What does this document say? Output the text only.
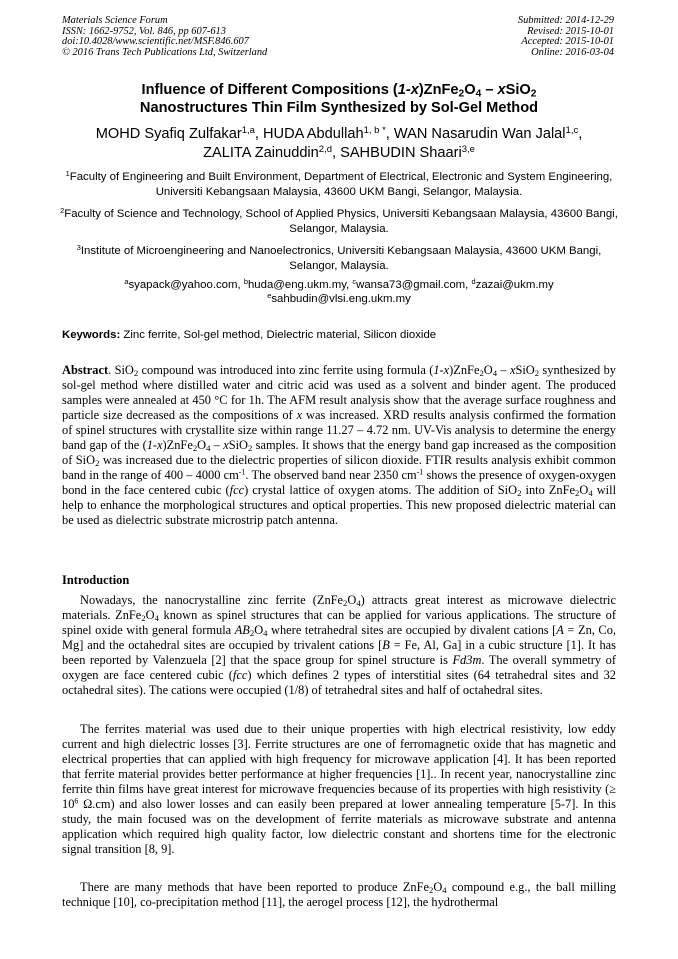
Materials Science Forum
ISSN: 1662-9752, Vol. 846, pp 607-613
doi:10.4028/www.scientific.net/MSF.846.607
© 2016 Trans Tech Publications Ltd, Switzerland
Submitted: 2014-12-29
Revised: 2015-10-01
Accepted: 2015-10-01
Online: 2016-03-04
Influence of Different Compositions $(1-x)ZnFe_2O_4$ – xSiO$_2$
Nanostructures Thin Film Synthesized by Sol-Gel Method
MOHD Syafiq Zulfakar$^{1,a}$, HUDA Abdullah$^{1, b *}$, WAN Nasarudin Wan Jalal$^{1,c}$,
ZALITA Zainuddin$^{2,d}$, SAHBUDIN Shaari$^{3,e}$
$^1$Faculty of Engineering and Built Environment, Department of Electrical, Electronic and System Engineering, Universiti Kebangsaan Malaysia, 43600 UKM Bangi, Selangor, Malaysia.
$^2$Faculty of Science and Technology, School of Applied Physics, Universiti Kebangsaan Malaysia, 43600 Bangi, Selangor, Malaysia.
$^3$Institute of Microengineering and Nanoelectronics, Universiti Kebangsaan Malaysia, 43600 UKM Bangi, Selangor, Malaysia.
$^a$syapack@yahoo.com, $^b$huda@eng.ukm.my, $^c$wansa73@gmail.com, $^d$zazai@ukm.my
$^e$sahbudin@vlsi.eng.ukm.my
Keywords: Zinc ferrite, Sol-gel method, Dielectric material, Silicon dioxide
Abstract. SiO$_2$ compound was introduced into zinc ferrite using formula $(1-x)ZnFe_2O_4$ – xSiO$_2$ synthesized by sol-gel method where distilled water and citric acid was used as a solvent and binder agent. The produced samples were annealed at 450 °C for 1h. The AFM result analysis show that the average surface roughness and particle size decreased as the compositions of x was increased. XRD results analysis confirmed the formation of spinel structures with crystallite size within range 11.27 – 4.72 nm. UV-Vis analysis to determine the energy band gap of the $(1-x)ZnFe_2O_4$ – xSiO$_2$ samples. It shows that the energy band gap increased as the composition of SiO$_2$ was increased due to the dielectric properties of silicon dioxide. FTIR results analysis exhibit common band in the range of 400 – 4000 $cm^{-1}$. The observed band near 2350 $cm^{-1}$ shows the presence of oxygen-oxygen bond in the face centered cubic (fcc) crystal lattice of oxygen atoms. The addition of SiO$_2$ into $ZnFe_2O_4$ will help to enhance the morphological structures and optical properties. This new proposed dielectric material can be used as dielectric substrate microstrip patch antenna.
Introduction
Nowadays, the nanocrystalline zinc ferrite $(ZnFe_2O_4)$ attracts great interest as microwave dielectric materials. $ZnFe_2O_4$ known as spinel structures that can be applied for various applications. The structure of spinel oxide with general formula $AB_2O_4$ where tetrahedral sites are occupied by divalent cations [A = Zn, Co, Mg] and the octahedral sites are occupied by trivalent cations [B = Fe, Al, Ga] in a cubic structure [1]. It has been reported by Valenzuela [2] that the space group for spinel structure is Fd3m. The overall symmetry of oxygen are face centered cubic (fcc) which defines 2 types of interstitial sites (64 tetrahedral sites and 32 octahedral sites). The cations were occupied (1/8) of tetrahedral sites and half of octahedral sites.
The ferrites material was used due to their unique properties with high electrical resistivity, low eddy current and high dielectric losses [3]. Ferrite structures are one of ferromagnetic oxide that has magnetic and electrical properties that can applied with high frequency for microwave application [4]. It has been reported that ferrite material provides better performance at higher frequencies [1].. In recent year, nanocrystalline zinc ferrite thin films have great interest for microwave frequencies because of its properties with high resistivity (≥ $10^6$ Ω.cm) and also lower losses and can easily been prepared at lower annealing temperature [5-7]. In this study, the main focused was on the development of ferrite materials as microwave substrate and antenna application which required high quality factor, low dielectric constant and shortens time for the electronic signal transition [8, 9].
There are many methods that have been reported to produce $ZnFe_2O_4$ compound e.g., the ball milling technique [10], co-precipitation method [11], the aerogel process [12], the hydrothermal
